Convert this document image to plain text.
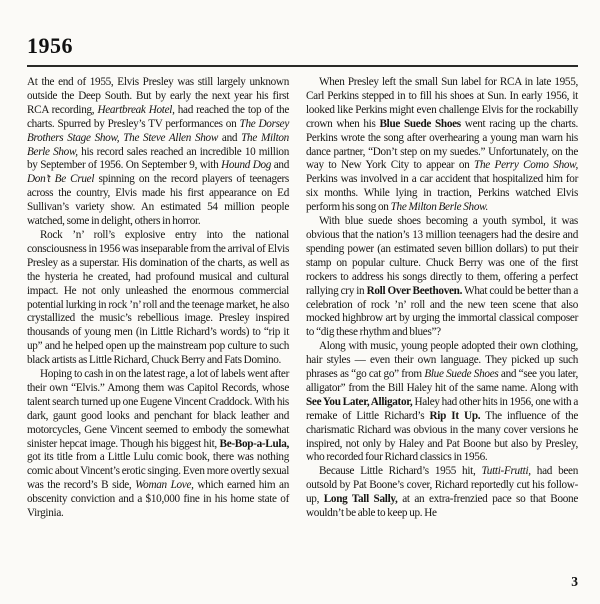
1956

At the end of 1955, Elvis Presley was still largely unknown outside the Deep South. But by early the next year his first RCA recording, Heartbreak Hotel, had reached the top of the charts. Spurred by Presley’s TV performances on The Dorsey Brothers Stage Show, The Steve Allen Show and The Milton Berle Show, his record sales reached an incredible 10 million by September of 1956. On September 9, with Hound Dog and Don’t Be Cruel spinning on the record players of teenagers across the country, Elvis made his first appearance on Ed Sullivan’s variety show. An estimated 54 million people watched, some in delight, others in horror.

Rock ’n’ roll’s explosive entry into the national consciousness in 1956 was inseparable from the arrival of Elvis Presley as a superstar. His domination of the charts, as well as the hysteria he created, had profound musical and cultural impact. He not only unleashed the enormous commercial potential lurking in rock ’n’ roll and the teenage market, he also crystallized the music’s rebellious image. Presley inspired thousands of young men (in Little Richard’s words) to “rip it up” and he helped open up the mainstream pop culture to such black artists as Little Richard, Chuck Berry and Fats Domino.

Hoping to cash in on the latest rage, a lot of labels went after their own “Elvis.” Among them was Capitol Records, whose talent search turned up one Eugene Vincent Craddock. With his dark, gaunt good looks and penchant for black leather and motorcycles, Gene Vincent seemed to embody the somewhat sinister hepcat image. Though his biggest hit, Be-Bop-a-Lula, got its title from a Little Lulu comic book, there was nothing comic about Vincent’s erotic singing. Even more overtly sexual was the record’s B side, Woman Love, which earned him an obscenity conviction and a $10,000 fine in his home state of Virginia.

When Presley left the small Sun label for RCA in late 1955, Carl Perkins stepped in to fill his shoes at Sun. In early 1956, it looked like Perkins might even challenge Elvis for the rockabilly crown when his Blue Suede Shoes went racing up the charts. Perkins wrote the song after overhearing a young man warn his dance partner, “Don’t step on my suedes.” Unfortunately, on the way to New York City to appear on The Perry Como Show, Perkins was involved in a car accident that hospitalized him for six months. While lying in traction, Perkins watched Elvis perform his song on The Milton Berle Show.

With blue suede shoes becoming a youth symbol, it was obvious that the nation’s 13 million teenagers had the desire and spending power (an estimated seven billion dollars) to put their stamp on popular culture. Chuck Berry was one of the first rockers to address his songs directly to them, offering a perfect rallying cry in Roll Over Beethoven. What could be better than a celebration of rock ’n’ roll and the new teen scene that also mocked highbrow art by urging the immortal classical composer to “dig these rhythm and blues”?

Along with music, young people adopted their own clothing, hair styles — even their own language. They picked up such phrases as “go cat go” from Blue Suede Shoes and “see you later, alligator” from the Bill Haley hit of the same name. Along with See You Later, Alligator, Haley had other hits in 1956, one with a remake of Little Richard’s Rip It Up. The influence of the charismatic Richard was obvious in the many cover versions he inspired, not only by Haley and Pat Boone but also by Presley, who recorded four Richard classics in 1956.

Because Little Richard’s 1955 hit, Tutti-Frutti, had been outsold by Pat Boone’s cover, Richard reportedly cut his follow-up, Long Tall Sally, at an extra-frenzied pace so that Boone wouldn’t be able to keep up. He

3
